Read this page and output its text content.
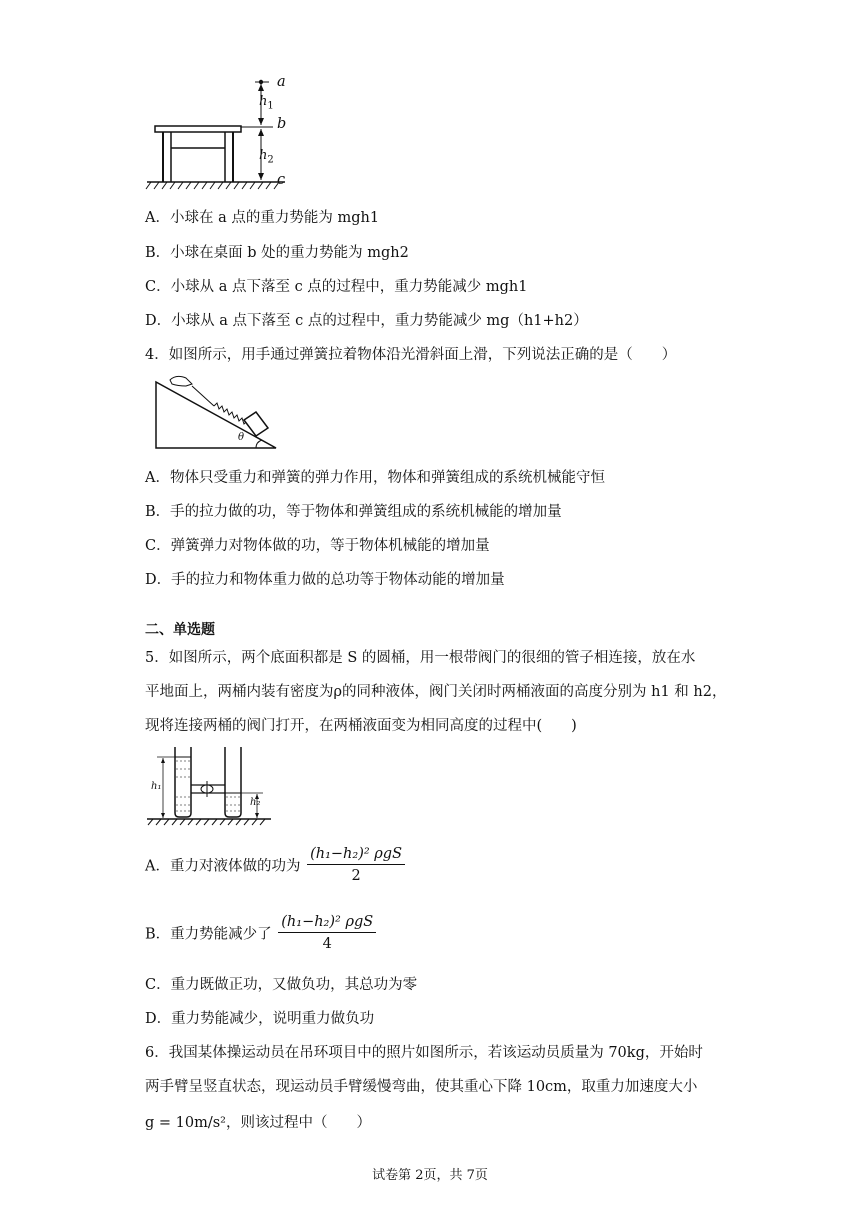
a
b
c
$h_1$
$h_2$
A．小球在 a 点的重力势能为 mgh1
B．小球在桌面 b 处的重力势能为 mgh2
C．小球从 a 点下落至 c 点的过程中，重力势能减少 mgh1
D．小球从 a 点下落至 c 点的过程中，重力势能减少 mg（h1+h2）
4．如图所示，用手通过弹簧拉着物体沿光滑斜面上滑，下列说法正确的是（　　）
θ
A．物体只受重力和弹簧的弹力作用，物体和弹簧组成的系统机械能守恒
B．手的拉力做的功，等于物体和弹簧组成的系统机械能的增加量
C．弹簧弹力对物体做的功，等于物体机械能的增加量
D．手的拉力和物体重力做的总功等于物体动能的增加量
二、单选题
5．如图所示，两个底面积都是 S 的圆桶，用一根带阀门的很细的管子相连接，放在水
平地面上，两桶内装有密度为ρ的同种液体，阀门关闭时两桶液面的高度分别为 h1 和 h2，
现将连接两桶的阀门打开，在两桶液面变为相同高度的过程中(　　)
h₁
h₂
A．重力对液体做的功为 $\frac{\text{(h₁−h₂)² ρgS}}{2}$
B．重力势能减少了 $\frac{\text{(h₁−h₂)² ρgS}}{4}$
C．重力既做正功，又做负功，其总功为零
D．重力势能减少，说明重力做负功
6．我国某体操运动员在吊环项目中的照片如图所示，若该运动员质量为 70kg，开始时
两手臂呈竖直状态，现运动员手臂缓慢弯曲，使其重心下降 10cm，取重力加速度大小
g = 10m/s²，则该过程中（　　）
试卷第 2页，共 7页
